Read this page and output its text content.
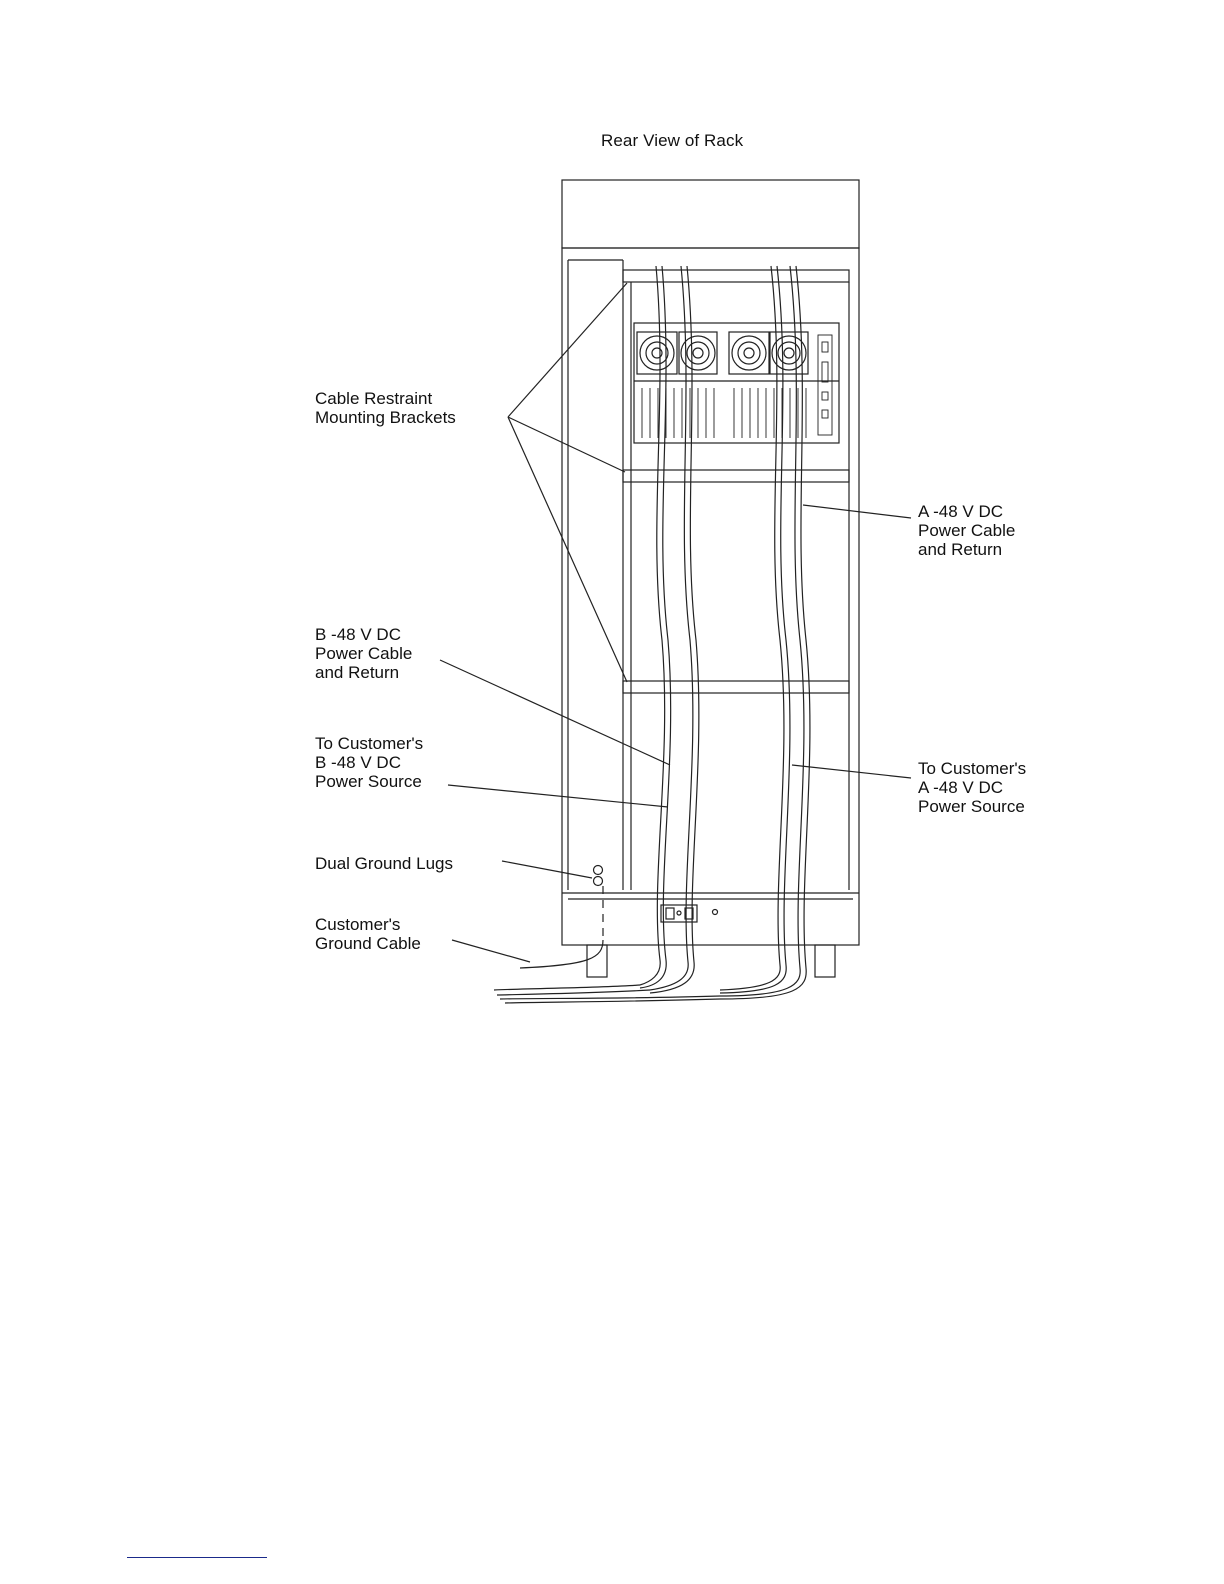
Rear View of Rack
Cable Restraint
Mounting Brackets
A -48 V DC
Power Cable
and Return
B -48 V DC
Power Cable
and Return
To Customer's
B -48 V DC
Power Source
To Customer's
A -48 V DC
Power Source
Dual Ground Lugs
Customer's
Ground Cable
